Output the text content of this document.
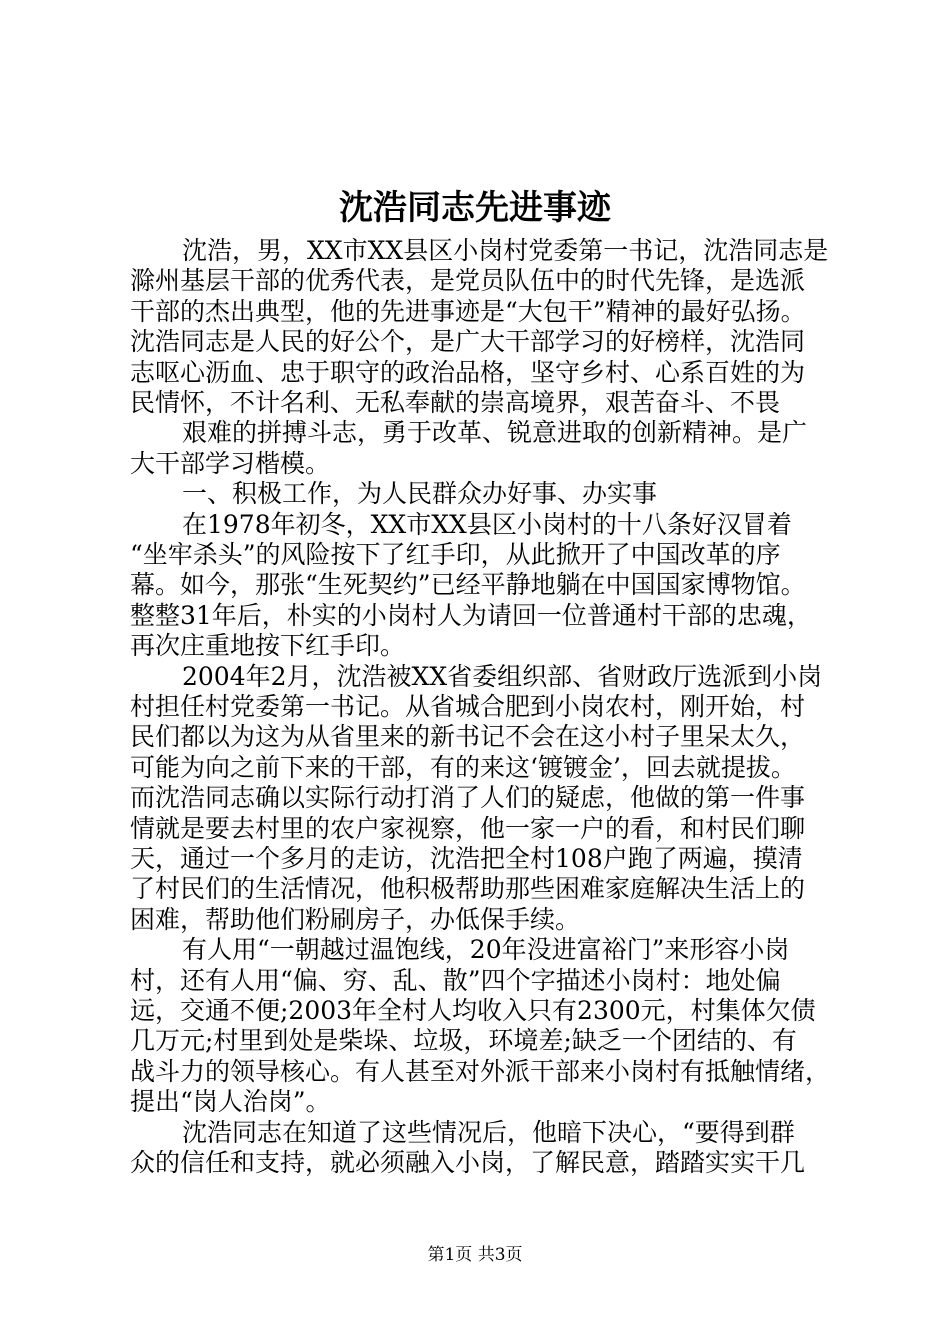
沈浩同志先进事迹

沈浩，男，XX市XX县区小岗村党委第一书记，沈浩同志是

滁州基层干部的优秀代表，是党员队伍中的时代先锋，是选派

干部的杰出典型，他的先进事迹是“大包干”精神的最好弘扬。

沈浩同志是人民的好公个，是广大干部学习的好榜样，沈浩同

志呕心沥血、忠于职守的政治品格，坚守乡村、心系百姓的为

民情怀，不计名利、无私奉献的崇高境界，艰苦奋斗、不畏

艰难的拼搏斗志，勇于改革、锐意进取的创新精神。是广

大干部学习楷模。

一、积极工作，为人民群众办好事、办实事

在1978年初冬，XX市XX县区小岗村的十八条好汉冒着

“坐牢杀头”的风险按下了红手印，从此掀开了中国改革的序

幕。如今，那张“生死契约”已经平静地躺在中国国家博物馆。

整整31年后，朴实的小岗村人为请回一位普通村干部的忠魂，

再次庄重地按下红手印。

2004年2月，沈浩被XX省委组织部、省财政厅选派到小岗

村担任村党委第一书记。从省城合肥到小岗农村，刚开始，村

民们都以为这为从省里来的新书记不会在这小村子里呆太久，

可能为向之前下来的干部，有的来这‘镀镀金’，回去就提拔。

而沈浩同志确以实际行动打消了人们的疑虑，他做的第一件事

情就是要去村里的农户家视察，他一家一户的看，和村民们聊

天，通过一个多月的走访，沈浩把全村108户跑了两遍，摸清

了村民们的生活情况，他积极帮助那些困难家庭解决生活上的

困难，帮助他们粉刷房子，办低保手续。

有人用“一朝越过温饱线，20年没进富裕门”来形容小岗

村，还有人用“偏、穷、乱、散”四个字描述小岗村：地处偏

远，交通不便;2003年全村人均收入只有2300元，村集体欠债

几万元;村里到处是柴垛、垃圾，环境差;缺乏一个团结的、有

战斗力的领导核心。有人甚至对外派干部来小岗村有抵触情绪，

提出“岗人治岗”。

沈浩同志在知道了这些情况后，他暗下决心，“要得到群

众的信任和支持，就必须融入小岗，了解民意，踏踏实实干几

第1页 共3页
